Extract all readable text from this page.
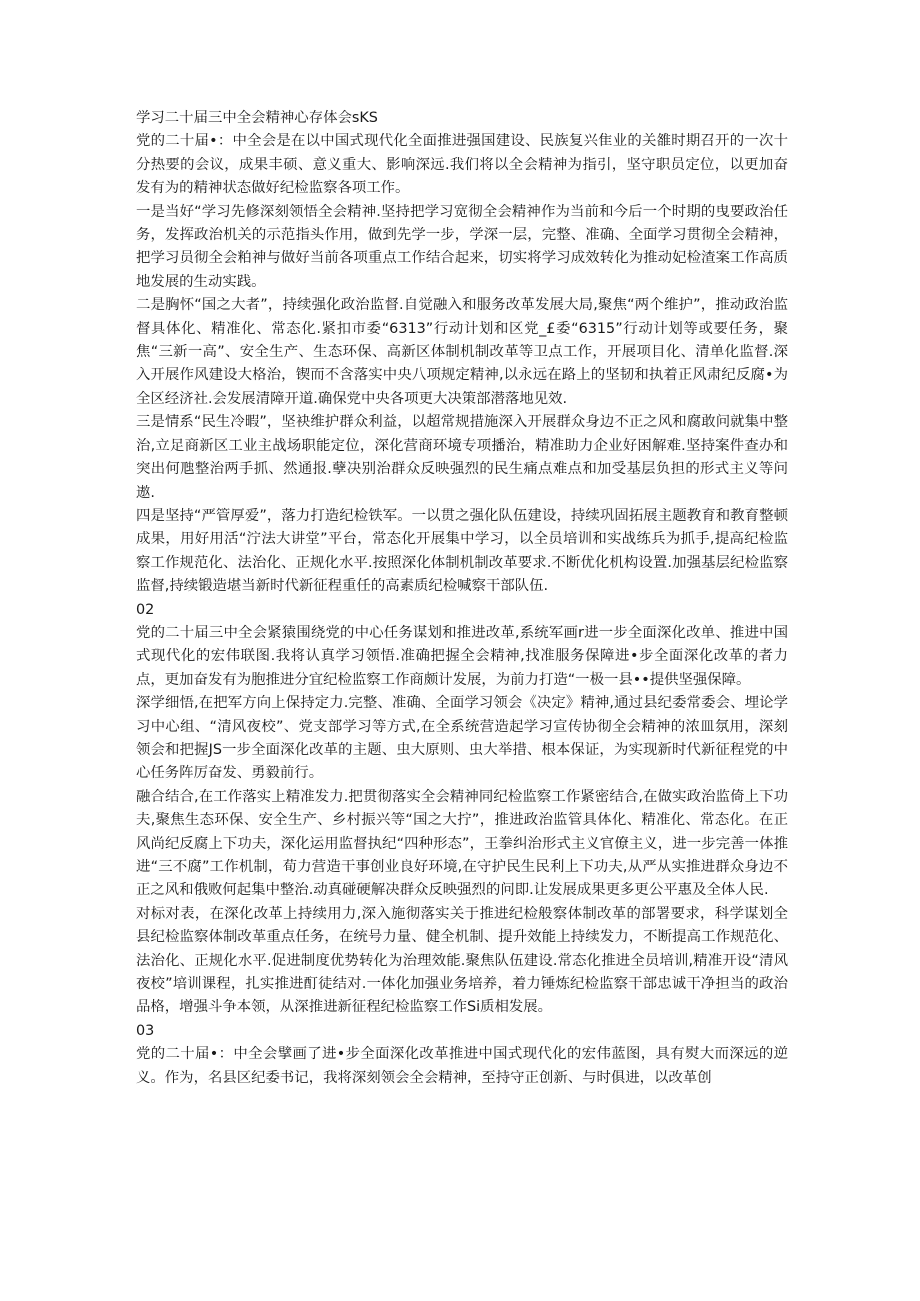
学习二十届三中全会精神心存体会sKS

党的二十届•：中全会是在以中国式现代化全面推进强国建设、民族复兴隹业的关雒时期召开的一次十分热要的会议，成果丰硕、意义重大、影响深远.我们将以全会精神为指引，坚守职员定位，以更加奋发有为的精神状态做好纪检监察各项工作。

一是当好“学习先修深刻领悟全会精神.坚持把学习宽彻全会精神作为当前和今后一个时期的曳要政治任务，发挥政治机关的示范指头作用，做到先学一步，学深一层，完整、准确、全面学习贯彻全会精神，把学习员彻全会粕神与做好当前各项重点工作结合起来，切实将学习成效转化为推动妃检渣案工作高质地发展的生动实践。

二是胸怀“国之大者”，持续强化政治监督.自觉融入和服务改革发展大局,聚焦“两个维护”，推动政治监督具体化、精准化、常态化.紧扣市委“6313”行动计划和区党_£委“6315”行动计划等或要任务，聚焦“三新一高”、安全生产、生态环保、高新区体制机制改革等卫点工作，开展项目化、清单化监督.深入开展作风建设大格治，锲而不含落实中央八项规定精神,以永远在路上的坚韧和执着正风肃纪反腐•为全区经济社.会发展清障开道.确保党中央各项更大决策部潜落地见效.

三是情系“民生冷暇”，坚袂维护群众利益，以超常规措施深入开展群众身边不正之风和腐敢问就集中整治,立足商新区工业主战场职能定位，深化营商环境专项播治，精准助力企业好困解难.坚持案件查办和突出何虺整治两手抓、然通报.孽决别治群众反映强烈的民生痛点难点和加受基层负担的形式主义等问遨.

四是坚持“严管厚爱”，落力打造纪检铁军。一以贯之强化队伍建设，持续巩固拓展主题教育和教育整顿成果，用好用活“泞法大讲堂”平台，常态化开展集中学习，以全员培训和实战练兵为抓手,提高纪检监察工作规范化、法治化、正规化水平.按照深化体制机制改革要求.不断优化机构设置.加强基层纪检监察监督,持续锻造堪当新时代新征程重任的高素质纪检喊察干部队伍.

02

党的二十届三中全会紧猿围绕党的中心任务谋划和推进改革,系统军画r进一步全面深化改单、推进中国式现代化的宏伟联图.我将认真学习领悟.准确把握全会精神,找准服务保障进•步全面深化改革的者力点，更加奋发有为胞推进分宜纪检监察工作商颇计发展，为前力打造“一极一县••提供坚强保障。

深学细悟,在把军方向上保持定力.完整、准确、全面学习领会《决定》精神,通过县纪委常委会、埋论学习中心组、“清风夜校”、党支部学习等方式,在全系统营造起学习宣传协彻全会精神的浓皿氛用，深刻领会和把握JS一步全面深化改革的主题、虫大原则、虫大举措、根本保证，为实现新时代新征程党的中心任务阵厉奋发、勇毅前行。

融合结合,在工作落实上精准发力.把贯彻落实全会精神同纪检监察工作紧密结合,在做实政治监倚上下功夫,聚焦生态环保、安全生产、乡村振兴等“国之大拧”，推进政治监管具体化、精准化、常态化。在正风尚纪反腐上下功夫，深化运用监督执纪“四种形态”，王拳纠治形式主义官僚主义，进一步完善一体推进“三不腐”工作机制，荀力营造干事创业良好环境,在守护民生民利上下功夫,从严从实推进群众身边不正之风和俄败何起集中整治.动真碰硬解决群众反映强烈的问即.让发展成果更多更公平惠及全体人民.

对标对表，在深化改革上持续用力,深入施彻落实关于推进纪检般察体制改革的部署要求，科学谋划全县纪检监察体制改革重点任务，在统号力量、健全机制、提升效能上持续发力，不断提高工作规范化、法治化、正规化水平.促进制度优势转化为治理效能.聚焦队伍建设.常态化推进全员培训,精准开设“清风夜校”培训课程，扎实推进酊徒结对.一体化加强业务培养，着力锤炼纪检监察干部忠诚干净担当的政治品格，增强斗争本领，从深推进新征程纪检监察工作Si质相发展。

03

党的二十届•：中全会擘画了进•步全面深化改革推进中国式现代化的宏伟蓝图，具有熨大而深远的逆义。作为，名县区纪委书记，我将深刻领会全会精神，至持守正创新、与时俱进，以改革创
